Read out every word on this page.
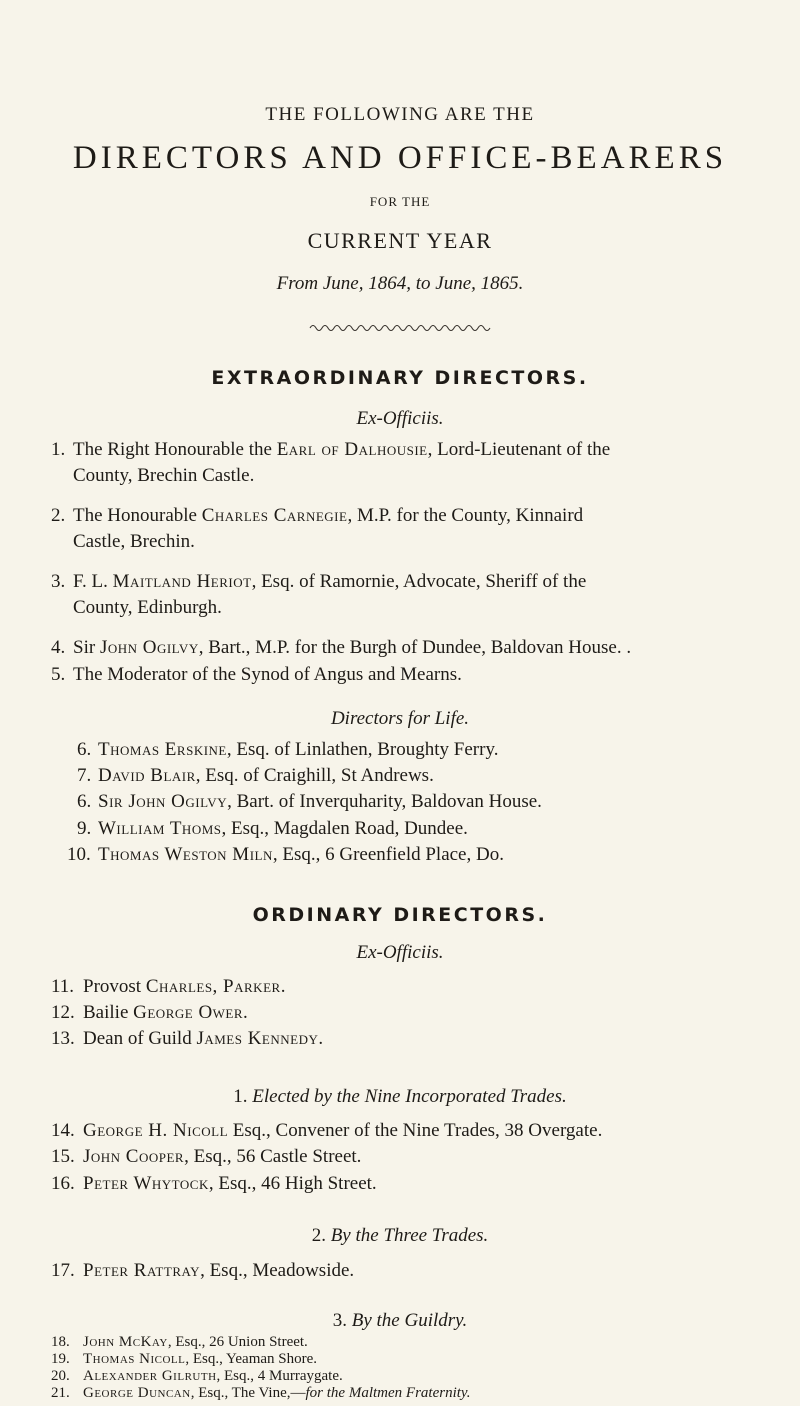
THE FOLLOWING ARE THE
DIRECTORS AND OFFICE-BEARERS
FOR THE
CURRENT YEAR
From June, 1864, to June, 1865.
EXTRAORDINARY DIRECTORS.
Ex-Officiis.
1. The Right Honourable the Earl of Dalhousie, Lord-Lieutenant of the
County, Brechin Castle.
2. The Honourable Charles Carnegie, M.P. for the County, Kinnaird
Castle, Brechin.
3. F. L. Maitland Heriot, Esq. of Ramornie, Advocate, Sheriff of the
County, Edinburgh.
4. Sir John Ogilvy, Bart., M.P. for the Burgh of Dundee, Baldovan House. .
5. The Moderator of the Synod of Angus and Mearns.
Directors for Life.
6. Thomas Erskine, Esq. of Linlathen, Broughty Ferry.
7. David Blair, Esq. of Craighill, St Andrews.
6. Sir John Ogilvy, Bart. of Inverquharity, Baldovan House.
9. William Thoms, Esq., Magdalen Road, Dundee.
10. Thomas Weston Miln, Esq., 6 Greenfield Place, Do.
ORDINARY DIRECTORS.
Ex-Officiis.
11. Provost Charles, Parker.
12. Bailie George Ower.
13. Dean of Guild James Kennedy.
1. Elected by the Nine Incorporated Trades.
14. George H. Nicoll Esq., Convener of the Nine Trades, 38 Overgate.
15. John Cooper, Esq., 56 Castle Street.
16. Peter Whytock, Esq., 46 High Street.
2. By the Three Trades.
17. Peter Rattray, Esq., Meadowside.
3. By the Guildry.
18. John McKay, Esq., 26 Union Street.
19. Thomas Nicoll, Esq., Yeaman Shore.
20. Alexander Gilruth, Esq., 4 Murraygate.
21. George Duncan, Esq., The Vine,—for the Maltmen Fraternity.
